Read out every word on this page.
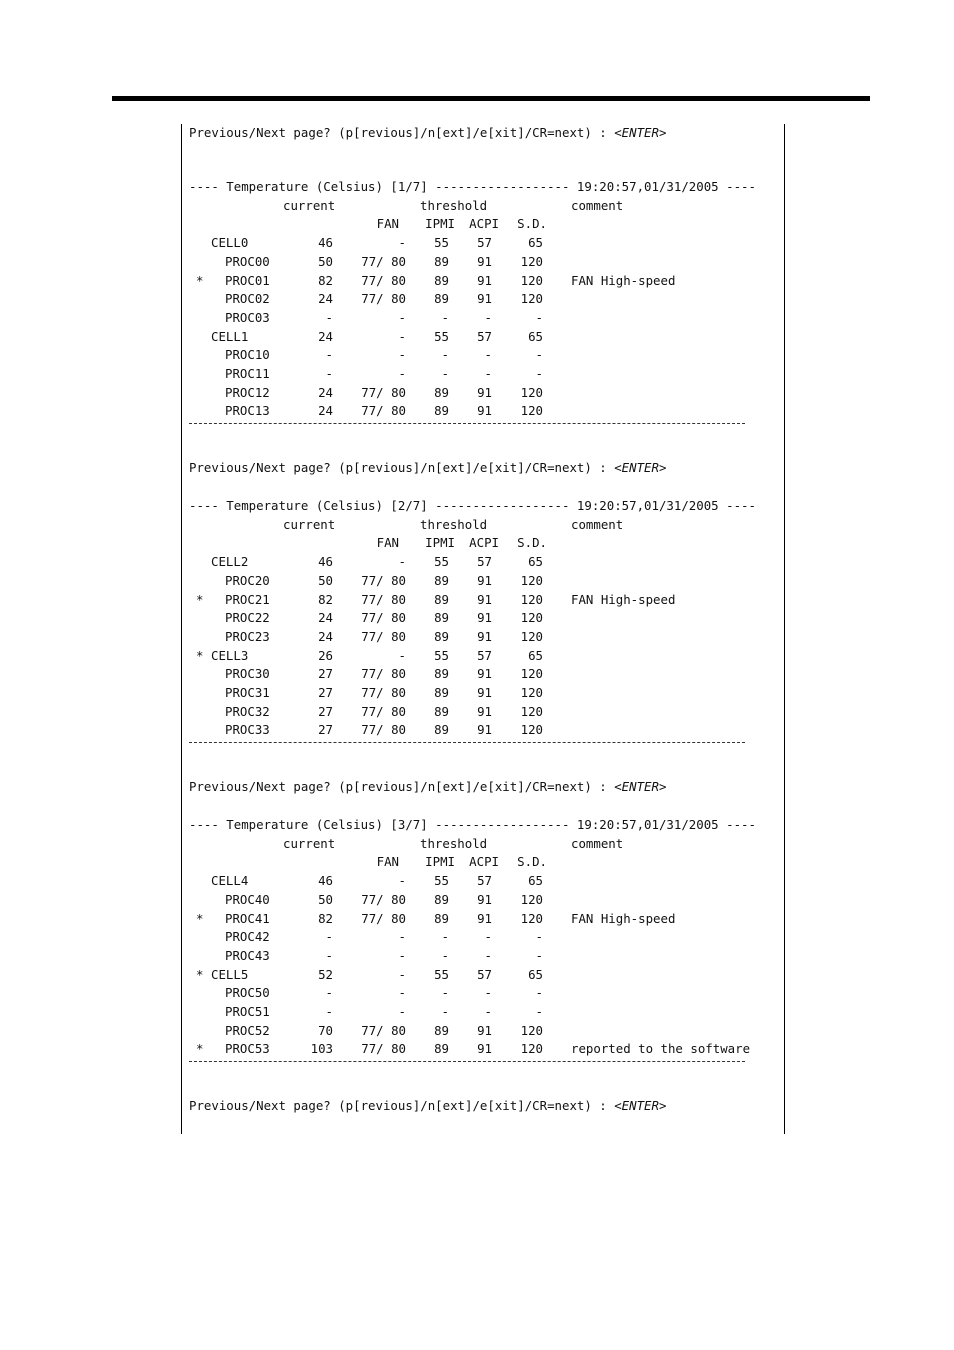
Previous/Next page? (p[revious]/n[ext]/e[xit]/CR=next) : <ENTER>
---- Temperature (Celsius) [1/7] ------------------ 19:20:57,01/31/2005 ----
current	threshold	comment
FAN IPMI ACPI	S.D.
CELL0	46	-	55	57	65
PROC00	50	77/ 80	89	91	120
* PROC01	82	77/ 80	89	91	120 FAN High-speed
PROC02	24	77/ 80	89	91	120
PROC03	-	-	-	-	-
CELL1	24	-	55	57	65
PROC10	-	-	-	-	-
PROC11	-	-	-	-	-
PROC12	24	77/ 80	89	91	120
PROC13	24	77/ 80	89	91	120
Previous/Next page? (p[revious]/n[ext]/e[xit]/CR=next) : <ENTER>
---- Temperature (Celsius) [2/7] ------------------ 19:20:57,01/31/2005 ----
current	threshold	comment
FAN IPMI ACPI	S.D.
CELL2	46	-	55	57	65
PROC20	50	77/ 80	89	91	120
* PROC21	82	77/ 80	89	91	120 FAN High-speed
PROC22	24	77/ 80	89	91	120
PROC23	24	77/ 80	89	91	120
* CELL3	26	-	55	57	65
PROC30	27	77/ 80	89	91	120
PROC31	27	77/ 80	89	91	120
PROC32	27	77/ 80	89	91	120
PROC33	27	77/ 80	89	91	120
Previous/Next page? (p[revious]/n[ext]/e[xit]/CR=next) : <ENTER>
---- Temperature (Celsius) [3/7] ------------------ 19:20:57,01/31/2005 ----
current	threshold	comment
FAN IPMI ACPI	S.D.
CELL4	46	-	55	57	65
PROC40	50	77/ 80	89	91	120
* PROC41	82	77/ 80	89	91	120 FAN High-speed
PROC42	-	-	-	-	-
PROC43	-	-	-	-	-
* CELL5	52	-	55	57	65
PROC50	-	-	-	-	-
PROC51	-	-	-	-	-
PROC52	70	77/ 80	89	91	120
* PROC53	103	77/ 80	89	91	120 reported to the software
Previous/Next page? (p[revious]/n[ext]/e[xit]/CR=next) : <ENTER>
